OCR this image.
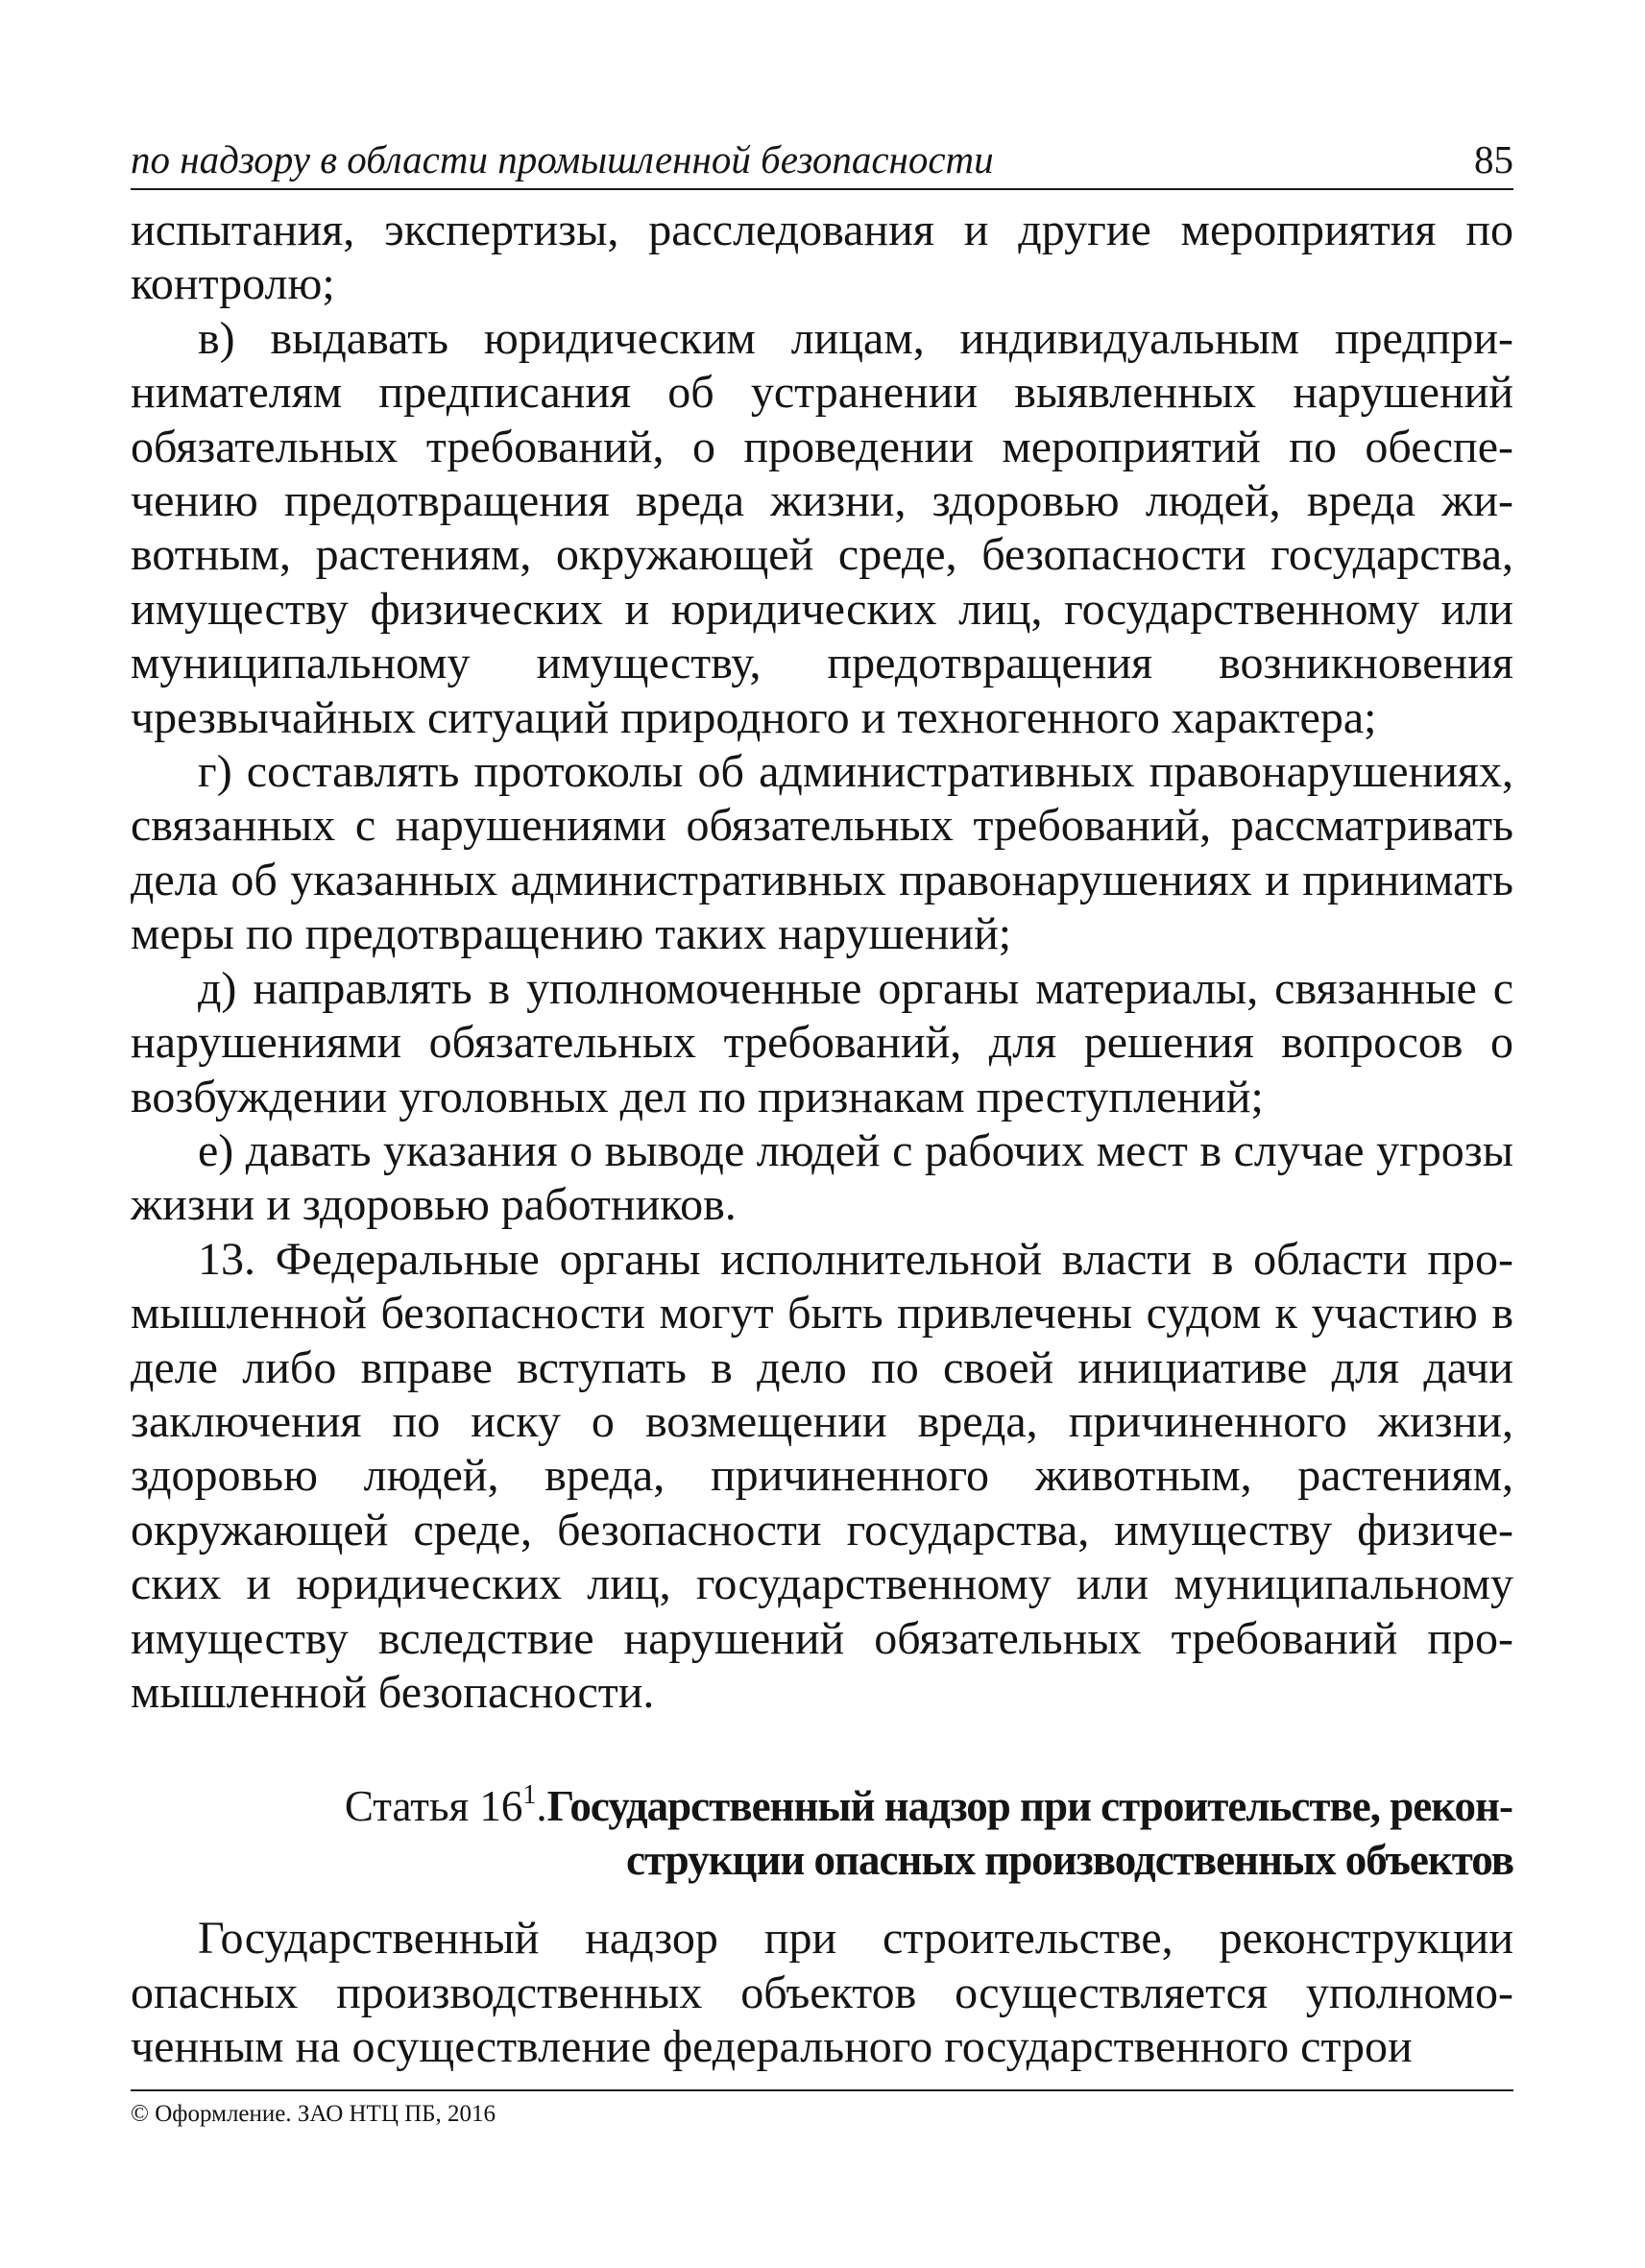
по надзору в области промышленной безопасности	85

испытания, экспертизы, расследования и другие мероприятия по контролю;

в) выдавать юридическим лицам, индивидуальным предпринимателям предписания об устранении выявленных нарушений обязательных требований, о проведении мероприятий по обеспечению предотвращения вреда жизни, здоровью людей, вреда животным, растениям, окружающей среде, безопасности государства, имуществу физических и юридических лиц, государственному или муниципальному имуществу, предотвращения возникновения чрезвычайных ситуаций природного и техногенного характера;

г) составлять протоколы об административных правонарушениях, связанных с нарушениями обязательных требований, рассматривать дела об указанных административных правонарушениях и принимать меры по предотвращению таких нарушений;

д) направлять в уполномоченные органы материалы, связанные с нарушениями обязательных требований, для решения вопросов о возбуждении уголовных дел по признакам преступлений;

е) давать указания о выводе людей с рабочих мест в случае угрозы жизни и здоровью работников.

13. Федеральные органы исполнительной власти в области промышленной безопасности могут быть привлечены судом к участию в деле либо вправе вступать в дело по своей инициативе для дачи заключения по иску о возмещении вреда, причиненного жизни, здоровью людей, вреда, причиненного животным, растениям, окружающей среде, безопасности государства, имуществу физических и юридических лиц, государственному или муниципальному имуществу вследствие нарушений обязательных требований промышленной безопасности.

Статья $16^1.Государственный$ надзор при строительстве, реконструкции опасных производственных объектов

Государственный надзор при строительстве, реконструкции опасных производственных объектов осуществляется уполномоченным на осуществление федерального государственного строи

© Оформление. ЗАО НТЦ ПБ, 2016
